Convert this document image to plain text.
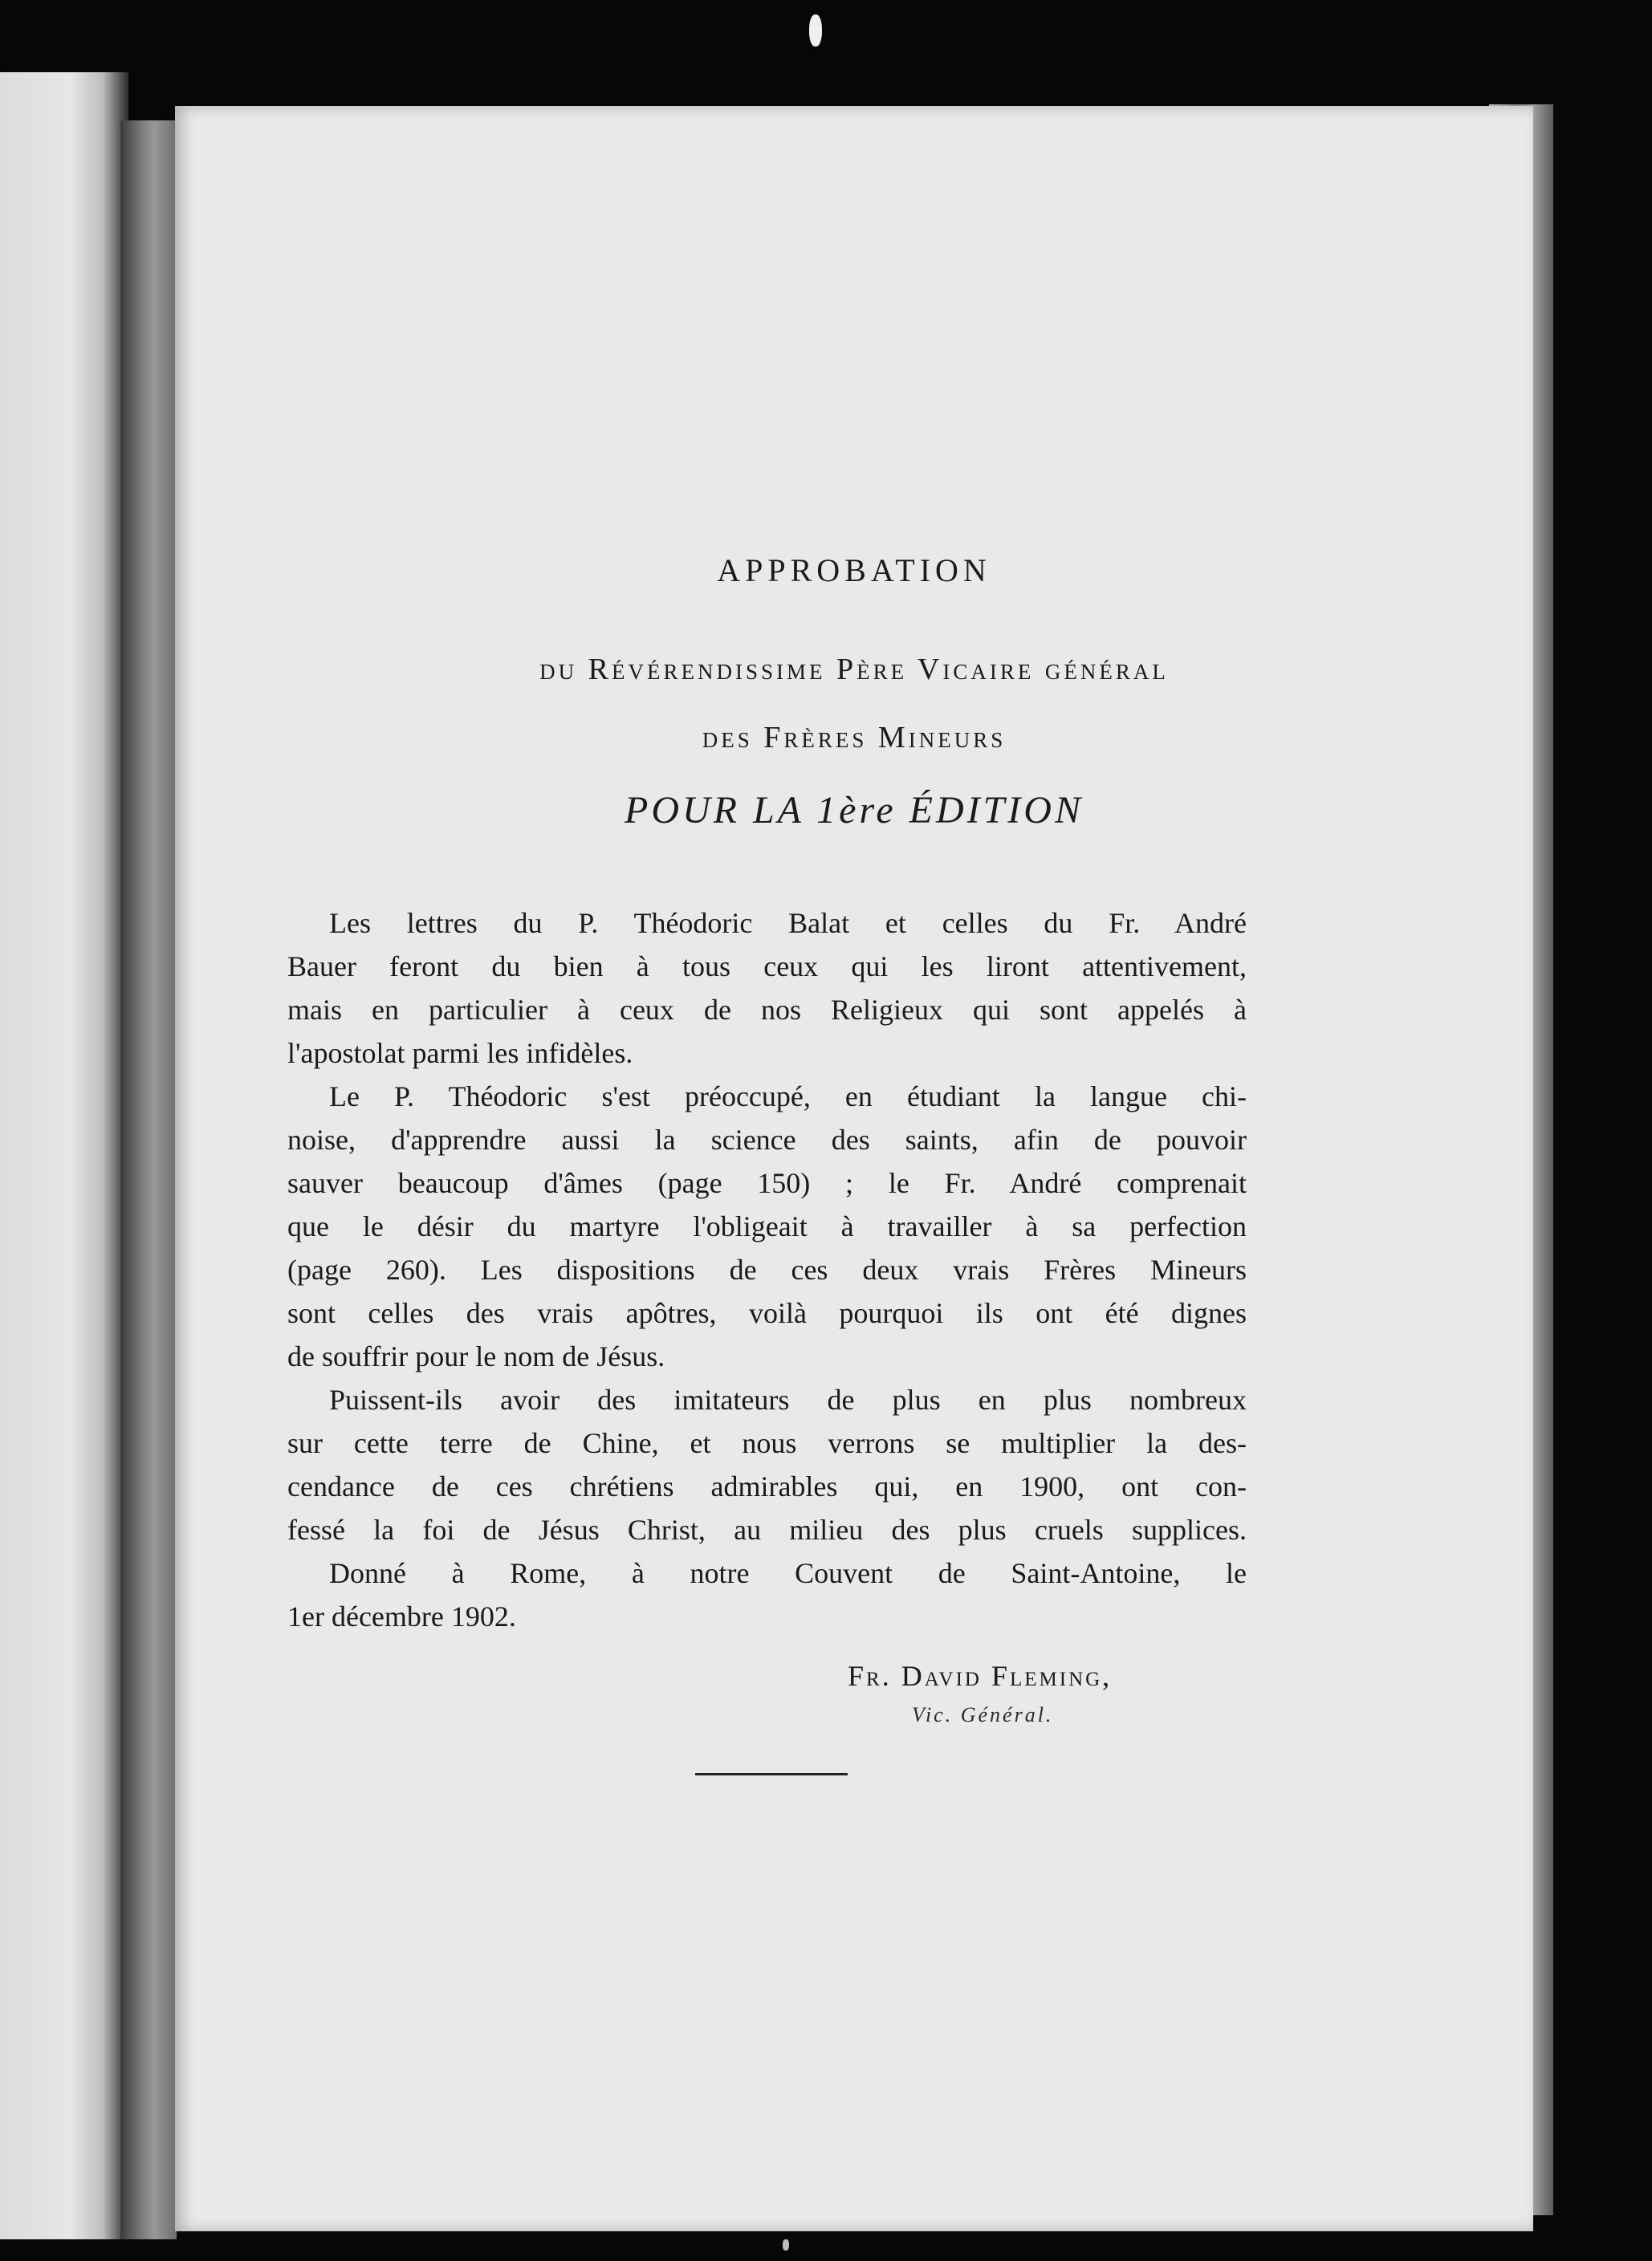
APPROBATION
du Révérendissime Père Vicaire général
des Frères Mineurs
POUR LA 1ère ÉDITION
Les lettres du P. Théodoric Balat et celles du Fr. André
Bauer feront du bien à tous ceux qui les liront attentivement,
mais en particulier à ceux de nos Religieux qui sont appelés à
l'apostolat parmi les infidèles.
Le P. Théodoric s'est préoccupé, en étudiant la langue chi-
noise, d'apprendre aussi la science des saints, afin de pouvoir
sauver beaucoup d'âmes (page 150) ; le Fr. André comprenait
que le désir du martyre l'obligeait à travailler à sa perfection
(page 260). Les dispositions de ces deux vrais Frères Mineurs
sont celles des vrais apôtres, voilà pourquoi ils ont été dignes
de souffrir pour le nom de Jésus.
Puissent-ils avoir des imitateurs de plus en plus nombreux
sur cette terre de Chine, et nous verrons se multiplier la des-
cendance de ces chrétiens admirables qui, en 1900, ont con-
fessé la foi de Jésus Christ, au milieu des plus cruels supplices.
Donné à Rome, à notre Couvent de Saint-Antoine, le
1er décembre 1902.
Fr. David Fleming,
Vic. Général.
